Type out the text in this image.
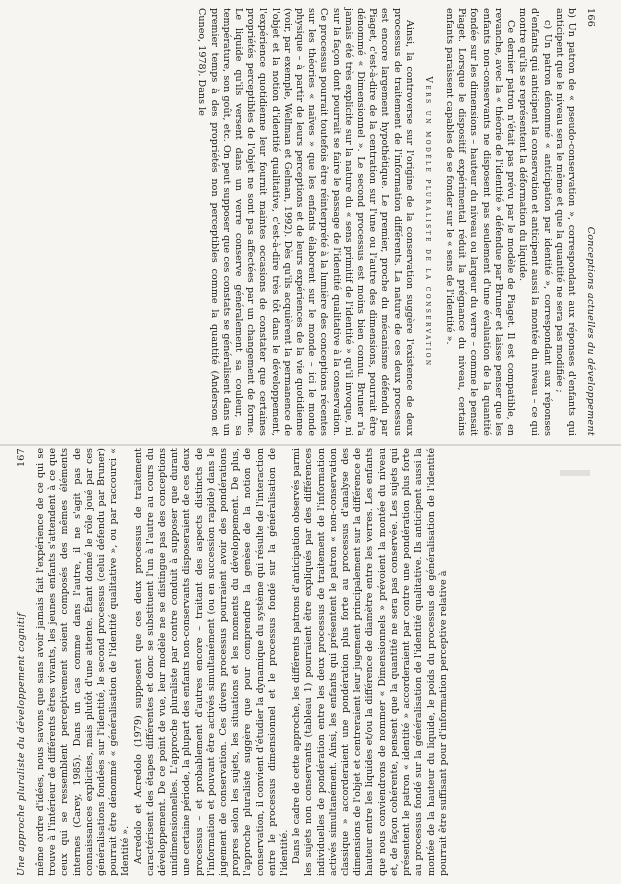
166
Conceptions actuelles du développement

b) Un patron de « pseudo-conservation », correspondant aux réponses d'enfants qui anticipent que le niveau sera le même et que la quantité ne sera pas modifiée ;

c) Un patron dénommé « anticipation par identité », correspondant aux réponses d'enfants qui anticipent la conservation et anticipent aussi la montée du niveau – ce qui montre qu'ils se représentent la déformation du liquide.

Ce dernier patron n'était pas prévu par le modèle de Piaget. Il est compatible, en revanche, avec la « théorie de l'identité » défendue par Bruner et laisse penser que les enfants non-conservants ne disposent pas seulement d'une évaluation de la quantité fondée sur les dimensions – hauteur du niveau ou largeur du verre – comme le pensait Piaget. Lorsque le dispositif expérimental réduit la prégnance du niveau, certains enfants paraissent capables de se fonder sur le « sens de l'identité ».

Vers un modèle pluraliste de la conservation

Ainsi, la controverse sur l'origine de la conservation suggère l'existence de deux processus de traitement de l'information différents. La nature de ces deux processus est encore largement hypothétique. Le premier, proche du mécanisme défendu par Piaget, c'est-à-dire de la centration sur l'une ou l'autre des dimensions, pourrait être dénommé « Dimensionnel ». Le second processus est moins bien connu. Bruner n'a jamais été très explicite sur la nature du « sens primitif de l'identité » qu'il invoque, ni sur la façon dont pourrait se faire le passage de l'identité qualitative à la conservation. Ce processus pourrait toutefois être réinterprété à la lumière des conceptions récentes sur les théories « naïves » que les enfants élaborent sur le monde – ici le monde physique – à partir de leurs perceptions et de leurs expériences de la vie quotidienne (voir, par exemple, Wellman et Gelman, 1992). Dès qu'ils acquièrent la permanence de l'objet et la notion d'identité qualitative, c'est-à-dire très tôt dans le développement, l'expérience quotidienne leur fournit maintes occasions de constater que certaines propriétés perceptibles de l'objet ne sont pas affectées par un changement de forme. Le liquide qu'ils versent dans un verre conserve généralement sa couleur, sa température, son goût, etc. On peut supposer que ces constats se généralisent dans un premier temps à des propriétés non perceptibles comme la quantité (Anderson et Cuneo, 1978). Dans le

Une approche pluraliste du développement cognitif
167 même ordre d'idées, nous savons que sans avoir jamais fait l'expérience de ce qui se trouve à l'intérieur de différents êtres vivants, les jeunes enfants s'attendent à ce que ceux qui se ressemblent perceptivement soient composés des mêmes éléments internes (Carey, 1985). Dans un cas comme dans l'autre, il ne s'agit pas de connaissances explicites, mais plutôt d'une attente. Étant donné le rôle joué par ces généralisations fondées sur l'identité, le second processus (celui défendu par Bruner) pourrait être dénommé « généralisation de l'identité qualitative », ou par raccourci « Identité ». Acredolo et Acredolo (1979) supposent que ces deux processus de traitement caractérisent des étapes différentes et donc se substituent l'un à l'autre au cours du développement. De ce point de vue, leur modèle ne se distingue pas des conceptions unidimensionnelles. L'approche pluraliste par contre conduit à supposer que durant une certaine période, la plupart des enfants non-conservants disposeraient de ces deux processus – et probablement d'autres encore – traitant des aspects distincts de l'information et pouvant être activés simultanément (ou en succession rapide) dans le jugement de conservation. Ces divers processus pourraient avoir des pondérations propres selon les sujets, les situations et les moments du développement. De plus, l'approche pluraliste suggère que pour comprendre la genèse de la notion de conservation, il convient d'étudier la dynamique du système qui résulte de l'interaction entre le processus dimensionnel et le processus fondé sur la généralisation de l'identité. Dans le cadre de cette approche, les différents patrons d'anticipation observés parmi les sujets non conservants (tableau 1) pourraient être expliqués par des différences individuelles de pondération entre les deux processus de traitement de l'information activés simultanément. Ainsi, les enfants qui présentent le patron « non-conservation classique » accorderaient une pondération plus forte au processus d'analyse des dimensions de l'objet et centreraient leur jugement principalement sur la différence de hauteur entre les liquides et/ou la différence de diamètre entre les verres. Les enfants que nous conviendrons de nommer « Dimensionnels » prévoient la montée du niveau et, de façon cohérente, pensent que la quantité ne sera pas conservée. Les sujets qui présentent le patron « identité » accorderaient par contre une pondération plus forte au processus fondé sur la généralisation de l'identité qualitative. Ils anticipent aussi la montée de la hauteur du liquide, le poids du processus de généralisation de l'identité pourrait être suffisant pour d'information perceptive relative à
